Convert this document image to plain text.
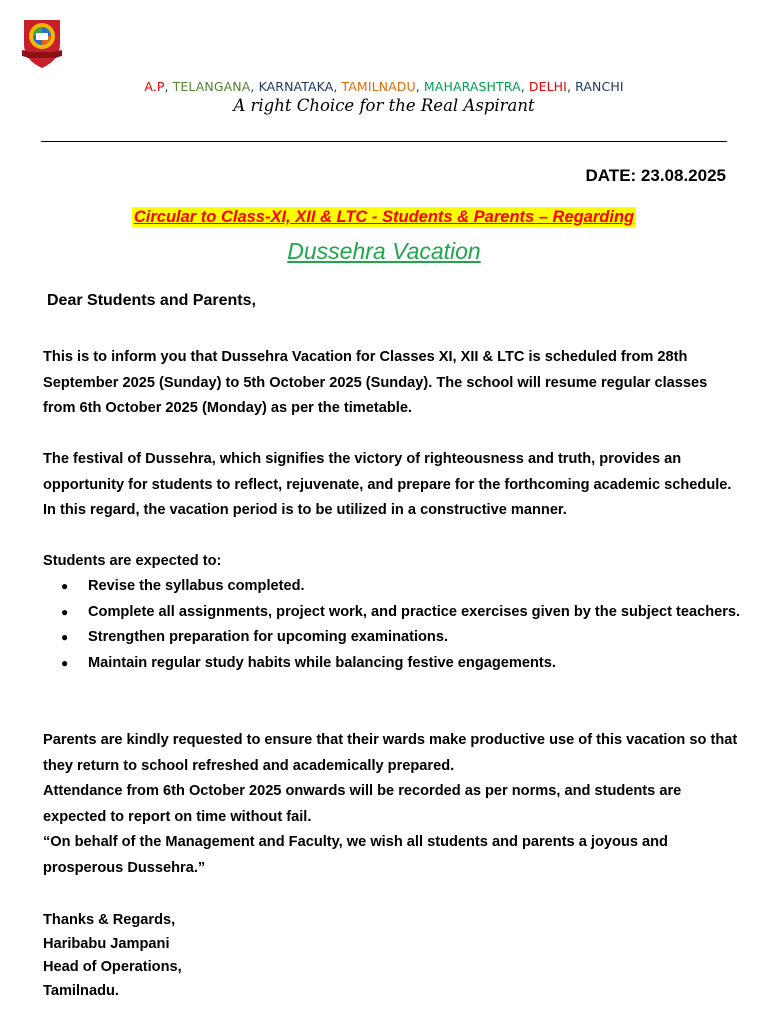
A.P, TELANGANA, KARNATAKA, TAMILNADU, MAHARASHTRA, DELHI, RANCHI
A right Choice for the Real Aspirant
DATE: 23.08.2025
Circular to Class-XI, XII & LTC - Students & Parents – Regarding
Dussehra Vacation
Dear Students and Parents,
This is to inform you that Dussehra Vacation for Classes XI, XII & LTC is scheduled from 28th September 2025 (Sunday) to 5th October 2025 (Sunday). The school will resume regular classes from 6th October 2025 (Monday) as per the timetable.
The festival of Dussehra, which signifies the victory of righteousness and truth, provides an opportunity for students to reflect, rejuvenate, and prepare for the forthcoming academic schedule. In this regard, the vacation period is to be utilized in a constructive manner.
Students are expected to:
● Revise the syllabus completed.
● Complete all assignments, project work, and practice exercises given by the subject teachers.
● Strengthen preparation for upcoming examinations.
● Maintain regular study habits while balancing festive engagements.
Parents are kindly requested to ensure that their wards make productive use of this vacation so that they return to school refreshed and academically prepared.
Attendance from 6th October 2025 onwards will be recorded as per norms, and students are expected to report on time without fail.
“On behalf of the Management and Faculty, we wish all students and parents a joyous and prosperous Dussehra.”
Thanks & Regards,
Haribabu Jampani
Head of Operations,
Tamilnadu.
